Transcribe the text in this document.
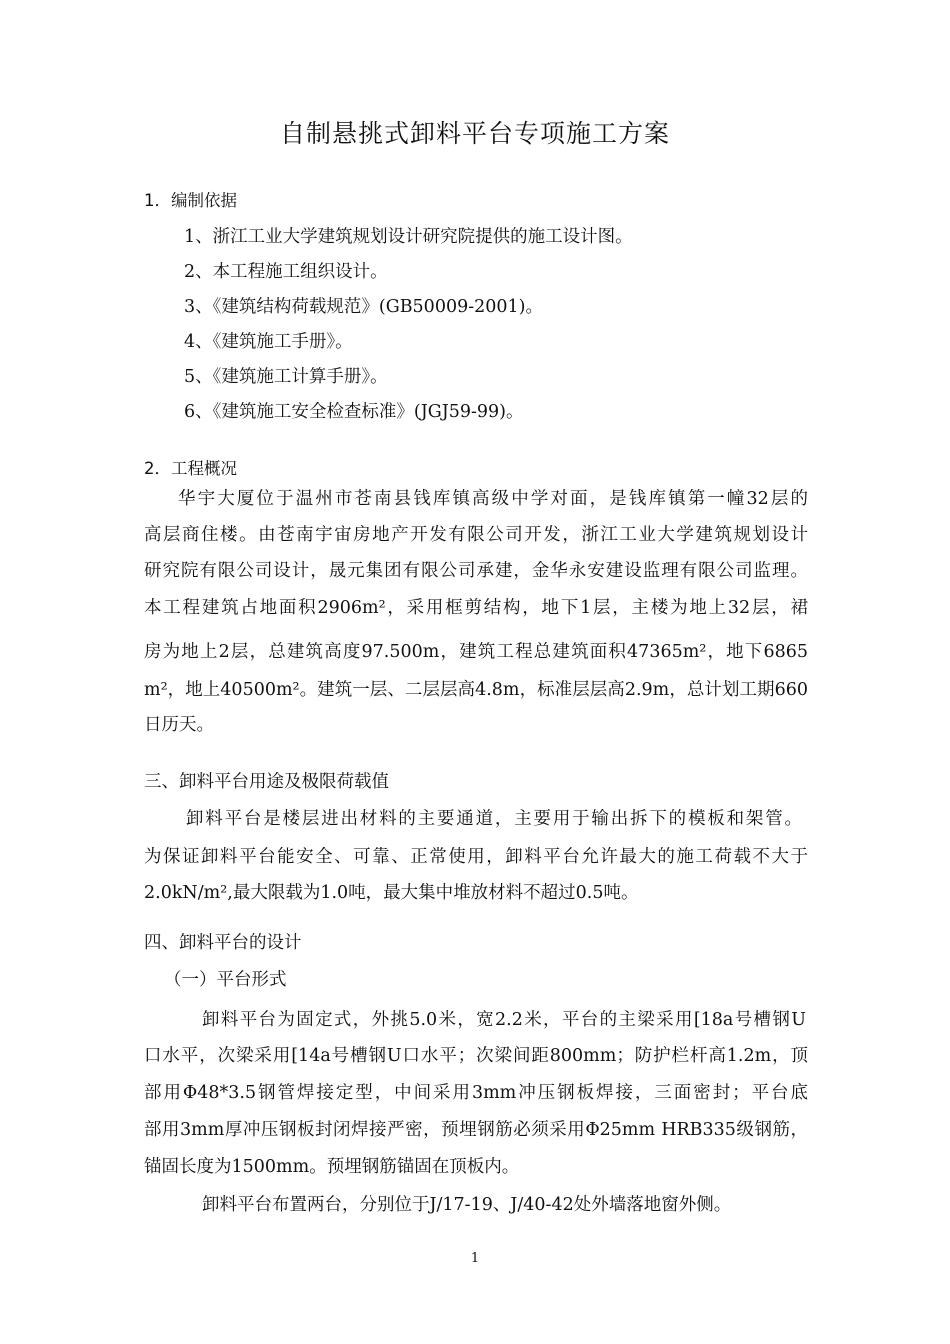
自制悬挑式卸料平台专项施工方案
1．编制依据
1、浙江工业大学建筑规划设计研究院提供的施工设计图。
2、本工程施工组织设计。
3、《建筑结构荷载规范》(GB50009-2001)。
4、《建筑施工手册》。
5、《建筑施工计算手册》。
6、《建筑施工安全检查标准》(JGJ59-99)。
2．工程概况
华宇大厦位于温州市苍南县钱库镇高级中学对面，是钱库镇第一幢32层的
高层商住楼。由苍南宇宙房地产开发有限公司开发，浙江工业大学建筑规划设计
研究院有限公司设计，晟元集团有限公司承建，金华永安建设监理有限公司监理。
本工程建筑占地面积2906m²，采用框剪结构，地下1层，主楼为地上32层，裙
房为地上2层，总建筑高度97.500m，建筑工程总建筑面积47365m²，地下6865
m²，地上40500m²。建筑一层、二层层高4.8m，标准层层高2.9m，总计划工期660
日历天。
三、卸料平台用途及极限荷载值
卸料平台是楼层进出材料的主要通道，主要用于输出拆下的模板和架管。
为保证卸料平台能安全、可靠、正常使用，卸料平台允许最大的施工荷载不大于
2.0kN/m²,最大限载为1.0吨，最大集中堆放材料不超过0.5吨。
四、卸料平台的设计
（一）平台形式
卸料平台为固定式，外挑5.0米，宽2.2米，平台的主梁采用[18a号槽钢U
口水平，次梁采用[14a号槽钢U口水平；次梁间距800mm；防护栏杆高1.2m，顶
部用Φ48*3.5钢管焊接定型，中间采用3mm冲压钢板焊接，三面密封；平台底
部用3mm厚冲压钢板封闭焊接严密，预埋钢筋必须采用Φ25mm HRB335级钢筋，
锚固长度为1500mm。预埋钢筋锚固在顶板内。
卸料平台布置两台，分别位于J/17-19、J/40-42处外墙落地窗外侧。
1
